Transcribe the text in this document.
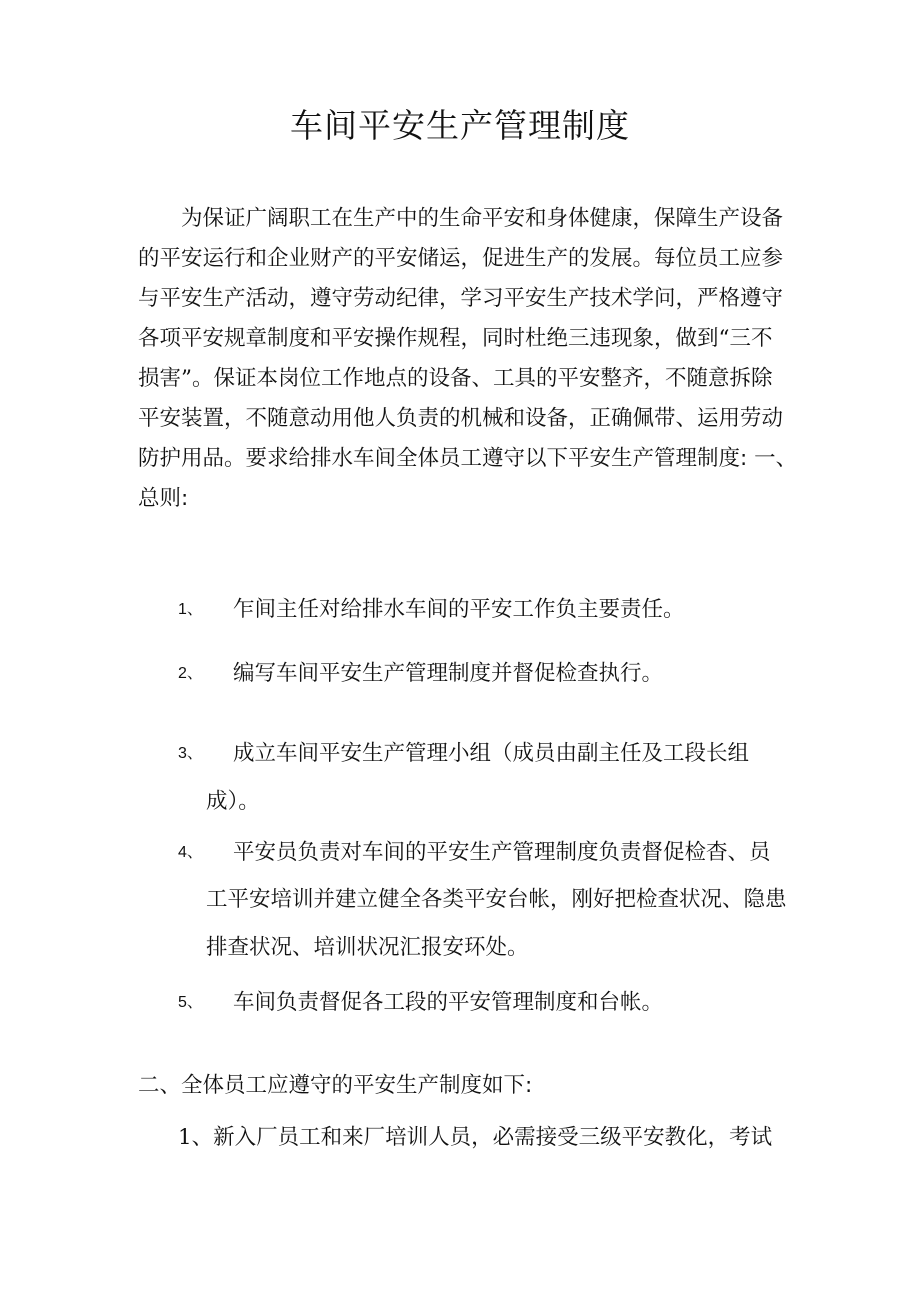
车间平安生产管理制度

为保证广阔职工在生产中的生命平安和身体健康，保障生产设备
的平安运行和企业财产的平安储运，促进生产的发展。每位员工应参
与平安生产活动，遵守劳动纪律，学习平安生产技术学问，严格遵守
各项平安规章制度和平安操作规程，同时杜绝三违现象，做到“三不
损害”。保证本岗位工作地点的设备、工具的平安整齐，不随意拆除
平安装置，不随意动用他人负责的机械和设备，正确佩带、运用劳动
防护用品。要求给排水车间全体员工遵守以下平安生产管理制度: 一、
总则:

1、 乍间主任对给排水车间的平安工作负主要责任。
2、 编写车间平安生产管理制度并督促检查执行。
3、 成立车间平安生产管理小组（成员由副主任及工段长组
成）。
4、 平安员负责对车间的平安生产管理制度负责督促检杳、员
工平安培训并建立健全各类平安台帐，刚好把检查状况、隐患
排查状况、培训状况汇报安环处。
5、 车间负责督促各工段的平安管理制度和台帐。
二、全体员工应遵守的平安生产制度如下:
1、新入厂员工和来厂培训人员，必需接受三级平安教化，考试
